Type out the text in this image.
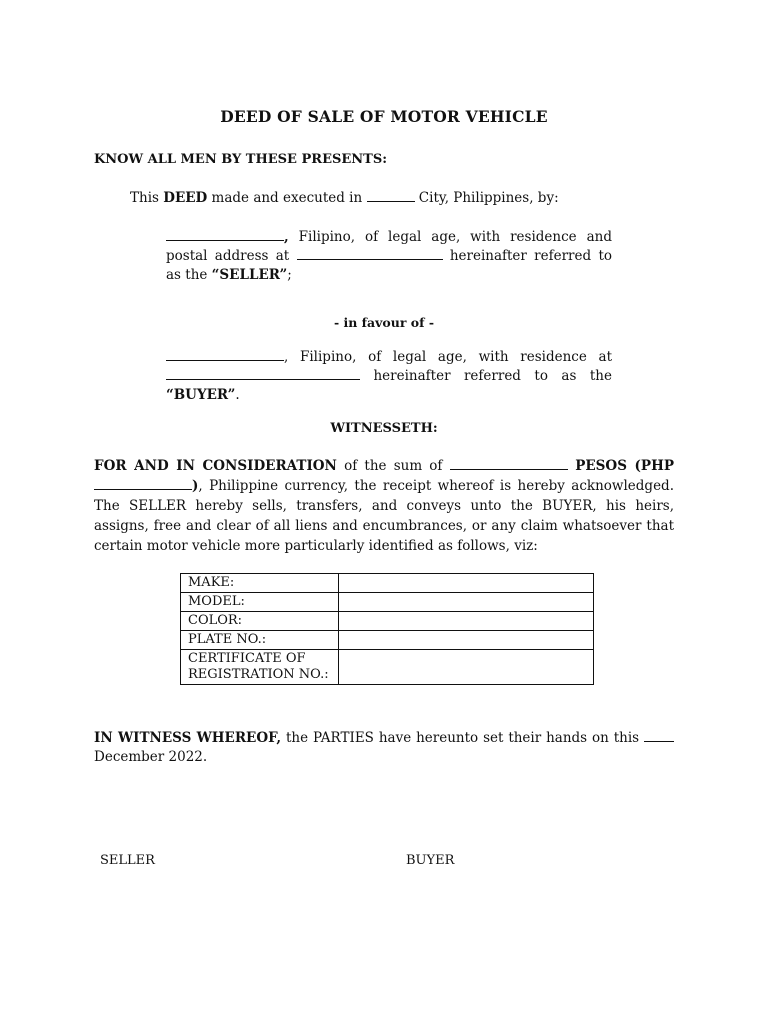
DEED OF SALE OF MOTOR VEHICLE
KNOW ALL MEN BY THESE PRESENTS:
This DEED made and executed in	City, Philippines, by:
, Filipino, of legal age, with residence and postal address at	hereinafter referred to as the “SELLER”;
- in favour of -
, Filipino, of legal age, with residence at  hereinafter referred to as the “BUYER”.
WITNESSETH:
FOR AND IN CONSIDERATION of the sum of	PESOS (PHP ), Philippine currency, the receipt whereof is hereby acknowledged. The SELLER hereby sells, transfers, and conveys unto the BUYER, his heirs, assigns, free and clear of all liens and encumbrances, or any claim whatsoever that certain motor vehicle more particularly identified as follows, viz:
MAKE:	
MODEL:	
COLOR:	
PLATE NO.:	
CERTIFICATE OF REGISTRATION NO.:	
IN WITNESS WHEREOF, the PARTIES have hereunto set their hands on this  December 2022.
SELLER	BUYER
